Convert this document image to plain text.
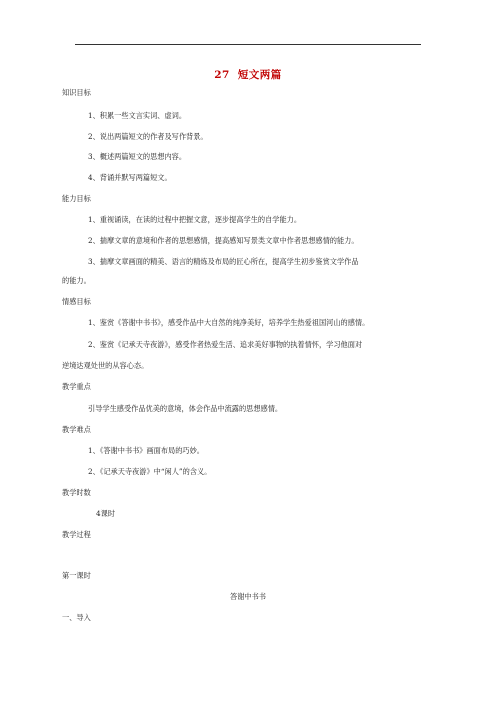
27 短文两篇
知识目标
1、积累一些文言实词、虚词。
2、说出两篇短文的作者及写作背景。
3、概述两篇短文的思想内容。
4、背诵并默写两篇短文。
能力目标
1、重视诵读，在读的过程中把握文意，逐步提高学生的自学能力。
2、揣摩文章的意境和作者的思想感情，提高感知写景类文章中作者思想感情的能力。
3、揣摩文章画面的精美、语言的精炼及布局的匠心所在，提高学生初步鉴赏文学作品
的能力。
情感目标
1、鉴赏《答谢中书书》，感受作品中大自然的纯净美好，培养学生热爱祖国河山的感情。
2、鉴赏《记承天寺夜游》，感受作者热爱生活、追求美好事物的执着情怀，学习他面对
逆境达观处世的从容心态。
教学重点
引导学生感受作品优美的意境，体会作品中流露的思想感情。
教学难点
1、《答谢中书书》画面布局的巧妙。
2、《记承天寺夜游》中“闲人”的含义。
教学时数
4课时
教学过程
第一课时
答谢中书书
一、导入
